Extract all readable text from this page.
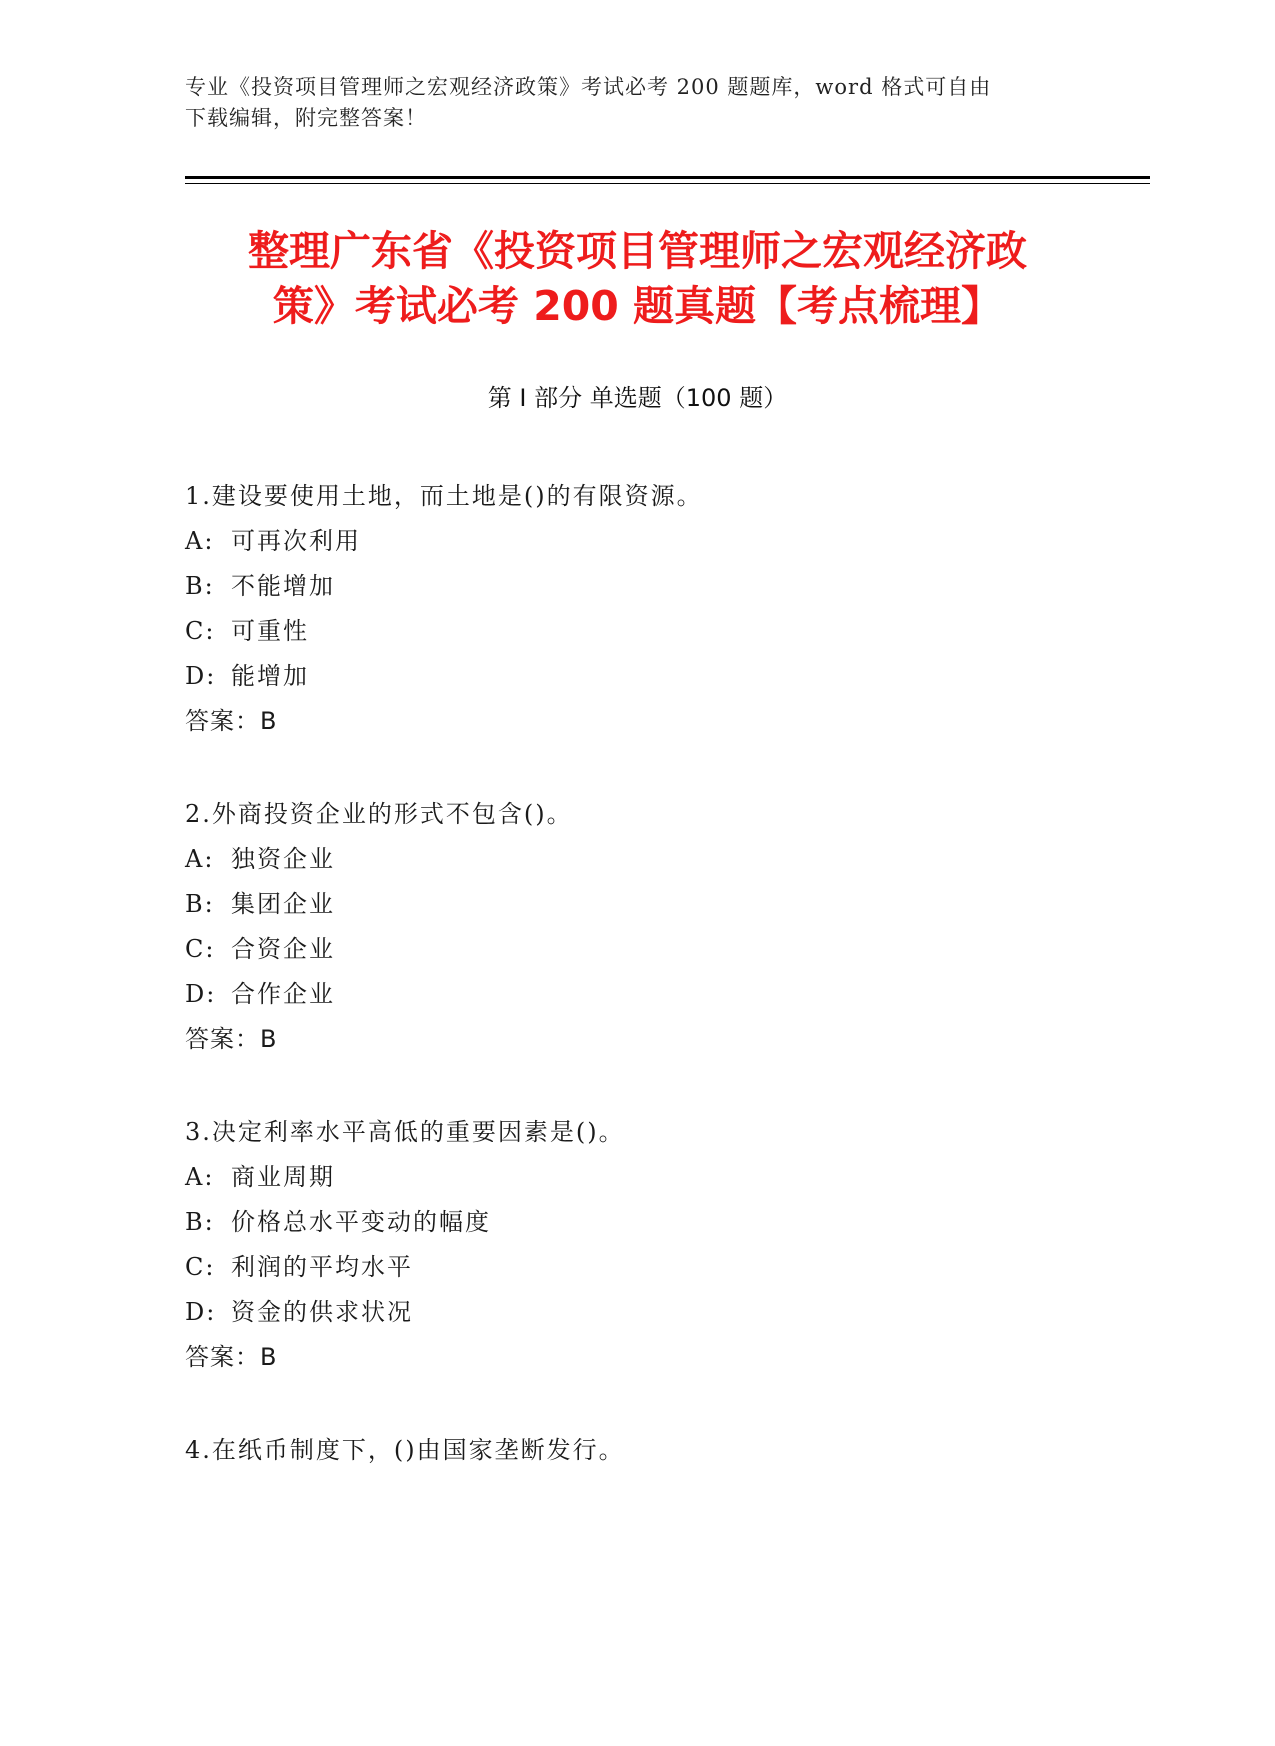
专业《投资项目管理师之宏观经济政策》考试必考 200 题题库，word 格式可自由
下载编辑，附完整答案！
整理广东省《投资项目管理师之宏观经济政
策》考试必考 200 题真题【考点梳理】
第 I 部分 单选题（100 题）
1.建设要使用土地，而土地是()的有限资源。
A: 可再次利用
B: 不能增加
C: 可重性
D: 能增加
答案：B
2.外商投资企业的形式不包含()。
A: 独资企业
B: 集团企业
C: 合资企业
D: 合作企业
答案：B
3.决定利率水平高低的重要因素是()。
A: 商业周期
B: 价格总水平变动的幅度
C: 利润的平均水平
D: 资金的供求状况
答案：B
4.在纸币制度下，()由国家垄断发行。
